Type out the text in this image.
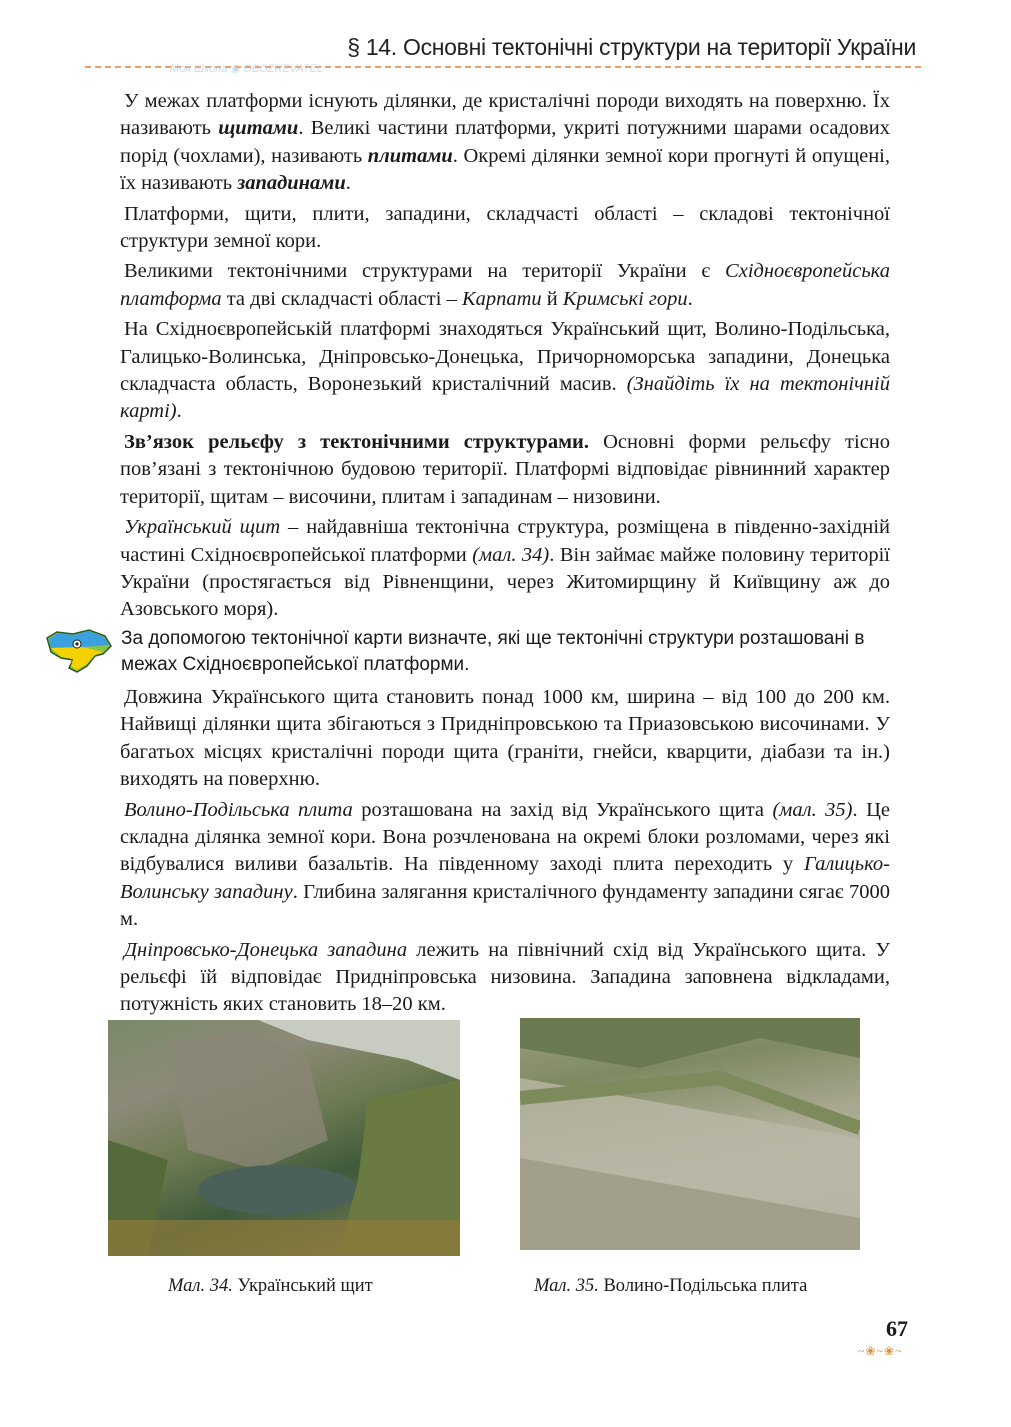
§ 14. Основні тектонічні структури на території України

У межах платформи існують ділянки, де кристалічні породи виходять на поверхню. Їх називають щитами. Великі частини платформи, укриті потужними шарами осадових порід (чохлами), називають плитами. Окремі ділянки земної кори прогнуті й опущені, їх називають западинами.

Платформи, щити, плити, западини, складчасті області – складові тектонічної структури земної кори.

Великими тектонічними структурами на території України є Східноєвропейська платформа та дві складчасті області – Карпати й Кримські гори.

На Східноєвропейській платформі знаходяться Український щит, Волино-Подільська, Галицько-Волинська, Дніпровсько-Донецька, Причорноморська западини, Донецька складчаста область, Воронезький кристалічний масив. (Знайдіть їх на тектонічній карті).

Зв’язок рельєфу з тектонічними структурами. Основні форми рельєфу тісно пов’язані з тектонічною будовою території. Платформі відповідає рівнинний характер території, щитам – височини, плитам і западинам – низовини.

Український щит – найдавніша тектонічна структура, розміщена в південно-західній частині Східноєвропейської платформи (мал. 34). Він займає майже половину території України (простягається від Рівненщини, через Житомирщину й Київщину аж до Азовського моря).

За допомогою тектонічної карти визначте, які ще тектонічні структури розташовані в межах Східноєвропейської платформи.

Довжина Українського щита становить понад 1000 км, ширина – від 100 до 200 км. Найвищі ділянки щита збігаються з Придніпровською та Приазовською височинами. У багатьох місцях кристалічні породи щита (граніти, гнейси, кварцити, діабази та ін.) виходять на поверхню.

Волино-Подільська плита розташована на захід від Українського щита (мал. 35). Це складна ділянка земної кори. Вона розчленована на окремі блоки розломами, через які відбувалися виливи базальтів. На південному заході плита переходить у Галицько-Волинську западину. Глибина залягання кристалічного фундаменту западини сягає 7000 м.

Дніпровсько-Донецька западина лежить на північний схід від Українського щита. У рельєфі їй відповідає Придніпровська низовина. Западина заповнена відкладами, потужність яких становить 18–20 км.

Мал. 34. Український щит	Мал. 35. Волино-Подільська плита
67
~❀~❀~
Моя Школа ◉ OBOZREVATEL
